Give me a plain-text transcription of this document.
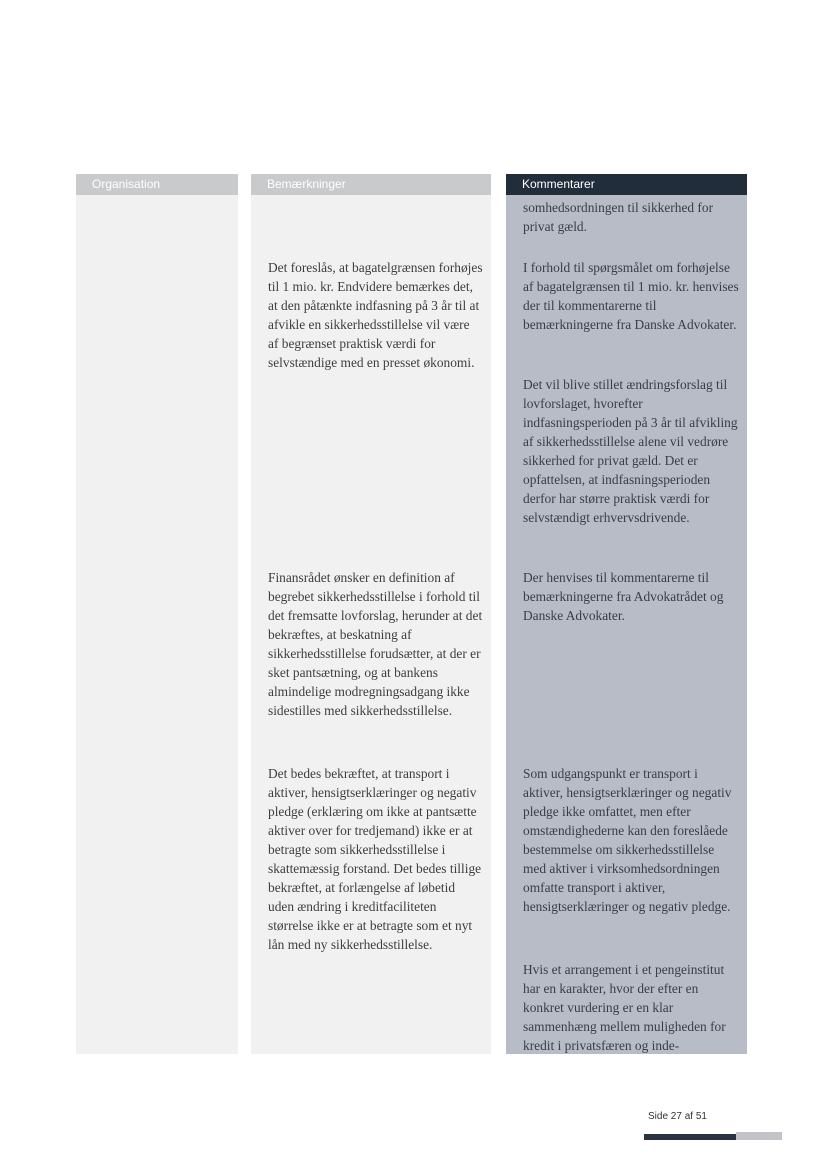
Organisation	Bemærkninger

Det foreslås, at bagatelgrænsen forhøjes til 1 mio. kr. Endvidere bemærkes det, at den påtænkte indfasning på 3 år til at afvikle en sikkerhedsstillelse vil være af begrænset praktisk værdi for selvstændige med en presset økonomi.

Finansrådet ønsker en definition af begrebet sikkerhedsstillelse i forhold til det fremsatte lovforslag, herunder at det bekræftes, at beskatning af sikkerhedsstillelse forudsætter, at der er sket pantsætning, og at bankens almindelige modregningsadgang ikke sidestilles med sikkerhedsstillelse.

Det bedes bekræftet, at transport i aktiver, hensigtserklæringer og negativ pledge (erklæring om ikke at pantsætte aktiver over for tredjemand) ikke er at betragte som sikkerhedsstillelse i skattemæssig forstand. Det bedes tillige bekræftet, at forlængelse af løbetid uden ændring i kreditfaciliteten størrelse ikke er at betragte som et nyt lån med ny sikkerhedsstillelse.

Kommentarer

somhedsordningen til sikkerhed for privat gæld.

I forhold til spørgsmålet om forhøjelse af bagatelgrænsen til 1 mio. kr. henvises der til kommentarerne til bemærkningerne fra Danske Advokater.

Det vil blive stillet ændringsforslag til lovforslaget, hvorefter indfasningsperioden på 3 år til afvikling af sikkerhedsstillelse alene vil vedrøre sikkerhed for privat gæld. Det er opfattelsen, at indfasningsperioden derfor har større praktisk værdi for selvstændigt erhvervsdrivende.

Der henvises til kommentarerne til bemærkningerne fra Advokatrådet og Danske Advokater.

Som udgangspunkt er transport i aktiver, hensigtserklæringer og negativ pledge ikke omfattet, men efter omstændighederne kan den foreslåede bestemmelse om sikkerhedsstillelse med aktiver i virksomhedsordningen omfatte transport i aktiver, hensigtserklæringer og negativ pledge.

Hvis et arrangement i et pengeinstitut har en karakter, hvor der efter en konkret vurdering er en klar sammenhæng mellem muligheden for kredit i privatsfæren og inde-

Side 27 af 51
